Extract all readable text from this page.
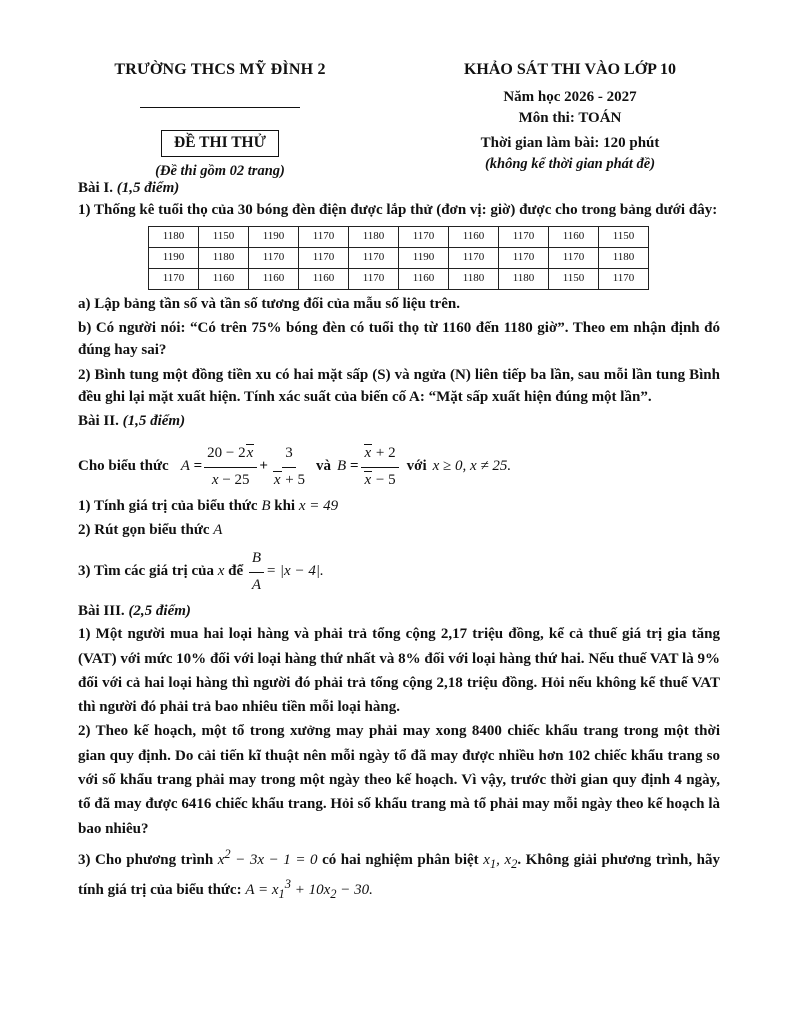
TRƯỜNG THCS MỸ ĐÌNH 2
ĐỀ THI THỬ
(Đề thi gồm 02 trang)
KHẢO SÁT THI VÀO LỚP 10
Năm học 2026 - 2027
Môn thi: TOÁN
Thời gian làm bài: 120 phút
(không kể thời gian phát đề)
Bài I. (1,5 điểm)

1) Thống kê tuổi thọ của 30 bóng đèn điện được lắp thử (đơn vị: giờ) được cho trong bảng dưới đây:

1180	1150	1190	1170	1180	1170	1160	1170	1160	1150
1190	1180	1170	1170	1170	1190	1170	1170	1170	1180
1170	1160	1160	1160	1170	1160	1180	1180	1150	1170

a) Lập bảng tần số và tần số tương đối của mẫu số liệu trên.

b) Có người nói: “Có trên 75% bóng đèn có tuổi thọ từ 1160 đến 1180 giờ”. Theo em nhận định đó đúng hay sai?

2) Bình tung một đồng tiền xu có hai mặt sấp (S) và ngửa (N) liên tiếp ba lần, sau mỗi lần tung Bình đều ghi lại mặt xuất hiện. Tính xác suất của biến cố A: “Mặt sấp xuất hiện đúng một lần”.

Bài II. (1,5 điểm)
Cho biểu thức $A = \frac{20 - 2x}{x - 25} + \frac{3}{x + 5}$ và $B = \frac{x + 2}{x - 5}$ với x ≥ 0, x ≠ 25.

1) Tính giá trị của biểu thức B khi x = 49

2) Rút gọn biểu thức A

3) Tìm các giá trị của
x
để
$\frac{B}{A} = |x - 4|$.
Bài III. (2,5 điểm)

1) Một người mua hai loại hàng và phải trả tổng cộng 2,17 triệu đồng, kể cả thuế giá trị gia tăng (VAT) với mức 10% đối với loại hàng thứ nhất và 8% đối với loại hàng thứ hai. Nếu thuế VAT là 9% đối với cả hai loại hàng thì người đó phải trả tổng cộng 2,18 triệu đồng. Hỏi nếu không kể thuế VAT thì người đó phải trả bao nhiêu tiền mỗi loại hàng.

2) Theo kế hoạch, một tổ trong xưởng may phải may xong 8400 chiếc khẩu trang trong một thời gian quy định. Do cải tiến kĩ thuật nên mỗi ngày tổ đã may được nhiều hơn 102 chiếc khẩu trang so với số khẩu trang phải may trong một ngày theo kế hoạch. Vì vậy, trước thời gian quy định 4 ngày, tổ đã may được 6416 chiếc khẩu trang. Hỏi số khẩu trang mà tổ phải may mỗi ngày theo kế hoạch là bao nhiêu?

3) Cho phương trình $x^2 - 3x - 1 = 0$ có hai nghiệm phân biệt $x_1$, $x_2$. Không giải phương trình, hãy tính giá trị của biểu thức: $A = x_1^3 + 10x_2 - 30$.
